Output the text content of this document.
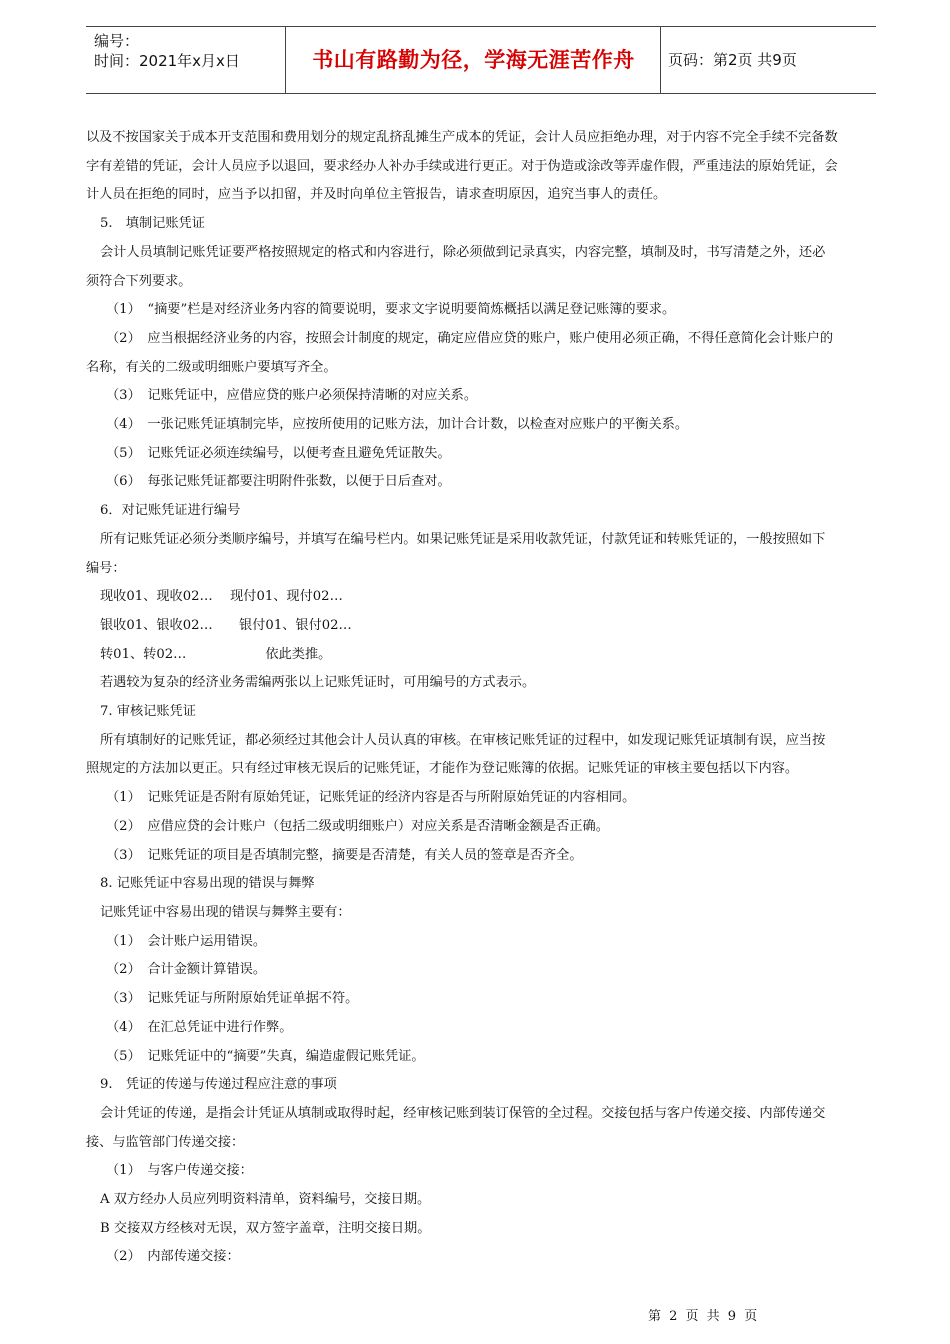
编号：
时间：2021年x月x日	书山有路勤为径，学海无涯苦作舟	页码：第2页 共9页

以及不按国家关于成本开支范围和费用划分的规定乱挤乱摊生产成本的凭证，会计人员应拒绝办理，对于内容不完全手续不完备数

字有差错的凭证，会计人员应予以退回，要求经办人补办手续或进行更正。对于伪造或涂改等弄虚作假，严重违法的原始凭证，会

计人员在拒绝的同时，应当予以扣留，并及时向单位主管报告，请求查明原因，追究当事人的责任。

5.　填制记账凭证

会计人员填制记账凭证要严格按照规定的格式和内容进行，除必须做到记录真实，内容完整，填制及时，书写清楚之外，还必

须符合下列要求。

（1）　“摘要”栏是对经济业务内容的简要说明，要求文字说明要简炼概括以满足登记账簿的要求。

（2）　应当根据经济业务的内容，按照会计制度的规定，确定应借应贷的账户，账户使用必须正确，不得任意简化会计账户的

名称，有关的二级或明细账户要填写齐全。

（3）　记账凭证中，应借应贷的账户必须保持清晰的对应关系。

（4）　一张记账凭证填制完毕，应按所使用的记账方法，加计合计数，以检查对应账户的平衡关系。

（5）　记账凭证必须连续编号，以便考查且避免凭证散失。

（6）　每张记账凭证都要注明附件张数，以便于日后查对。

6．对记账凭证进行编号

所有记账凭证必须分类顺序编号，并填写在编号栏内。如果记账凭证是采用收款凭证，付款凭证和转账凭证的，一般按照如下

编号：

现收01、现收02…　 现付01、现付02…

银收01、银收02…　　银付01、银付02…

转01、转02…　　　　　　依此类推。

若遇较为复杂的经济业务需编两张以上记账凭证时，可用编号的方式表示。

7. 审核记账凭证

所有填制好的记账凭证，都必须经过其他会计人员认真的审核。在审核记账凭证的过程中，如发现记账凭证填制有误，应当按

照规定的方法加以更正。只有经过审核无误后的记账凭证，才能作为登记账簿的依据。记账凭证的审核主要包括以下内容。

（1）　记账凭证是否附有原始凭证，记账凭证的经济内容是否与所附原始凭证的内容相同。

（2）　应借应贷的会计账户（包括二级或明细账户）对应关系是否清晰金额是否正确。

（3）　记账凭证的项目是否填制完整，摘要是否清楚，有关人员的签章是否齐全。

8. 记账凭证中容易出现的错误与舞弊

记账凭证中容易出现的错误与舞弊主要有：

（1）　会计账户运用错误。

（2）　合计金额计算错误。

（3）　记账凭证与所附原始凭证单据不符。

（4）　在汇总凭证中进行作弊。

（5）　记账凭证中的“摘要”失真，编造虚假记账凭证。

9.　凭证的传递与传递过程应注意的事项

会计凭证的传递，是指会计凭证从填制或取得时起，经审核记账到装订保管的全过程。交接包括与客户传递交接、内部传递交

接、与监管部门传递交接：

（1）　与客户传递交接：

A 双方经办人员应列明资料清单，资料编号，交接日期。

B 交接双方经核对无误，双方签字盖章，注明交接日期。

（2）　内部传递交接：

第 2 页 共 9 页
